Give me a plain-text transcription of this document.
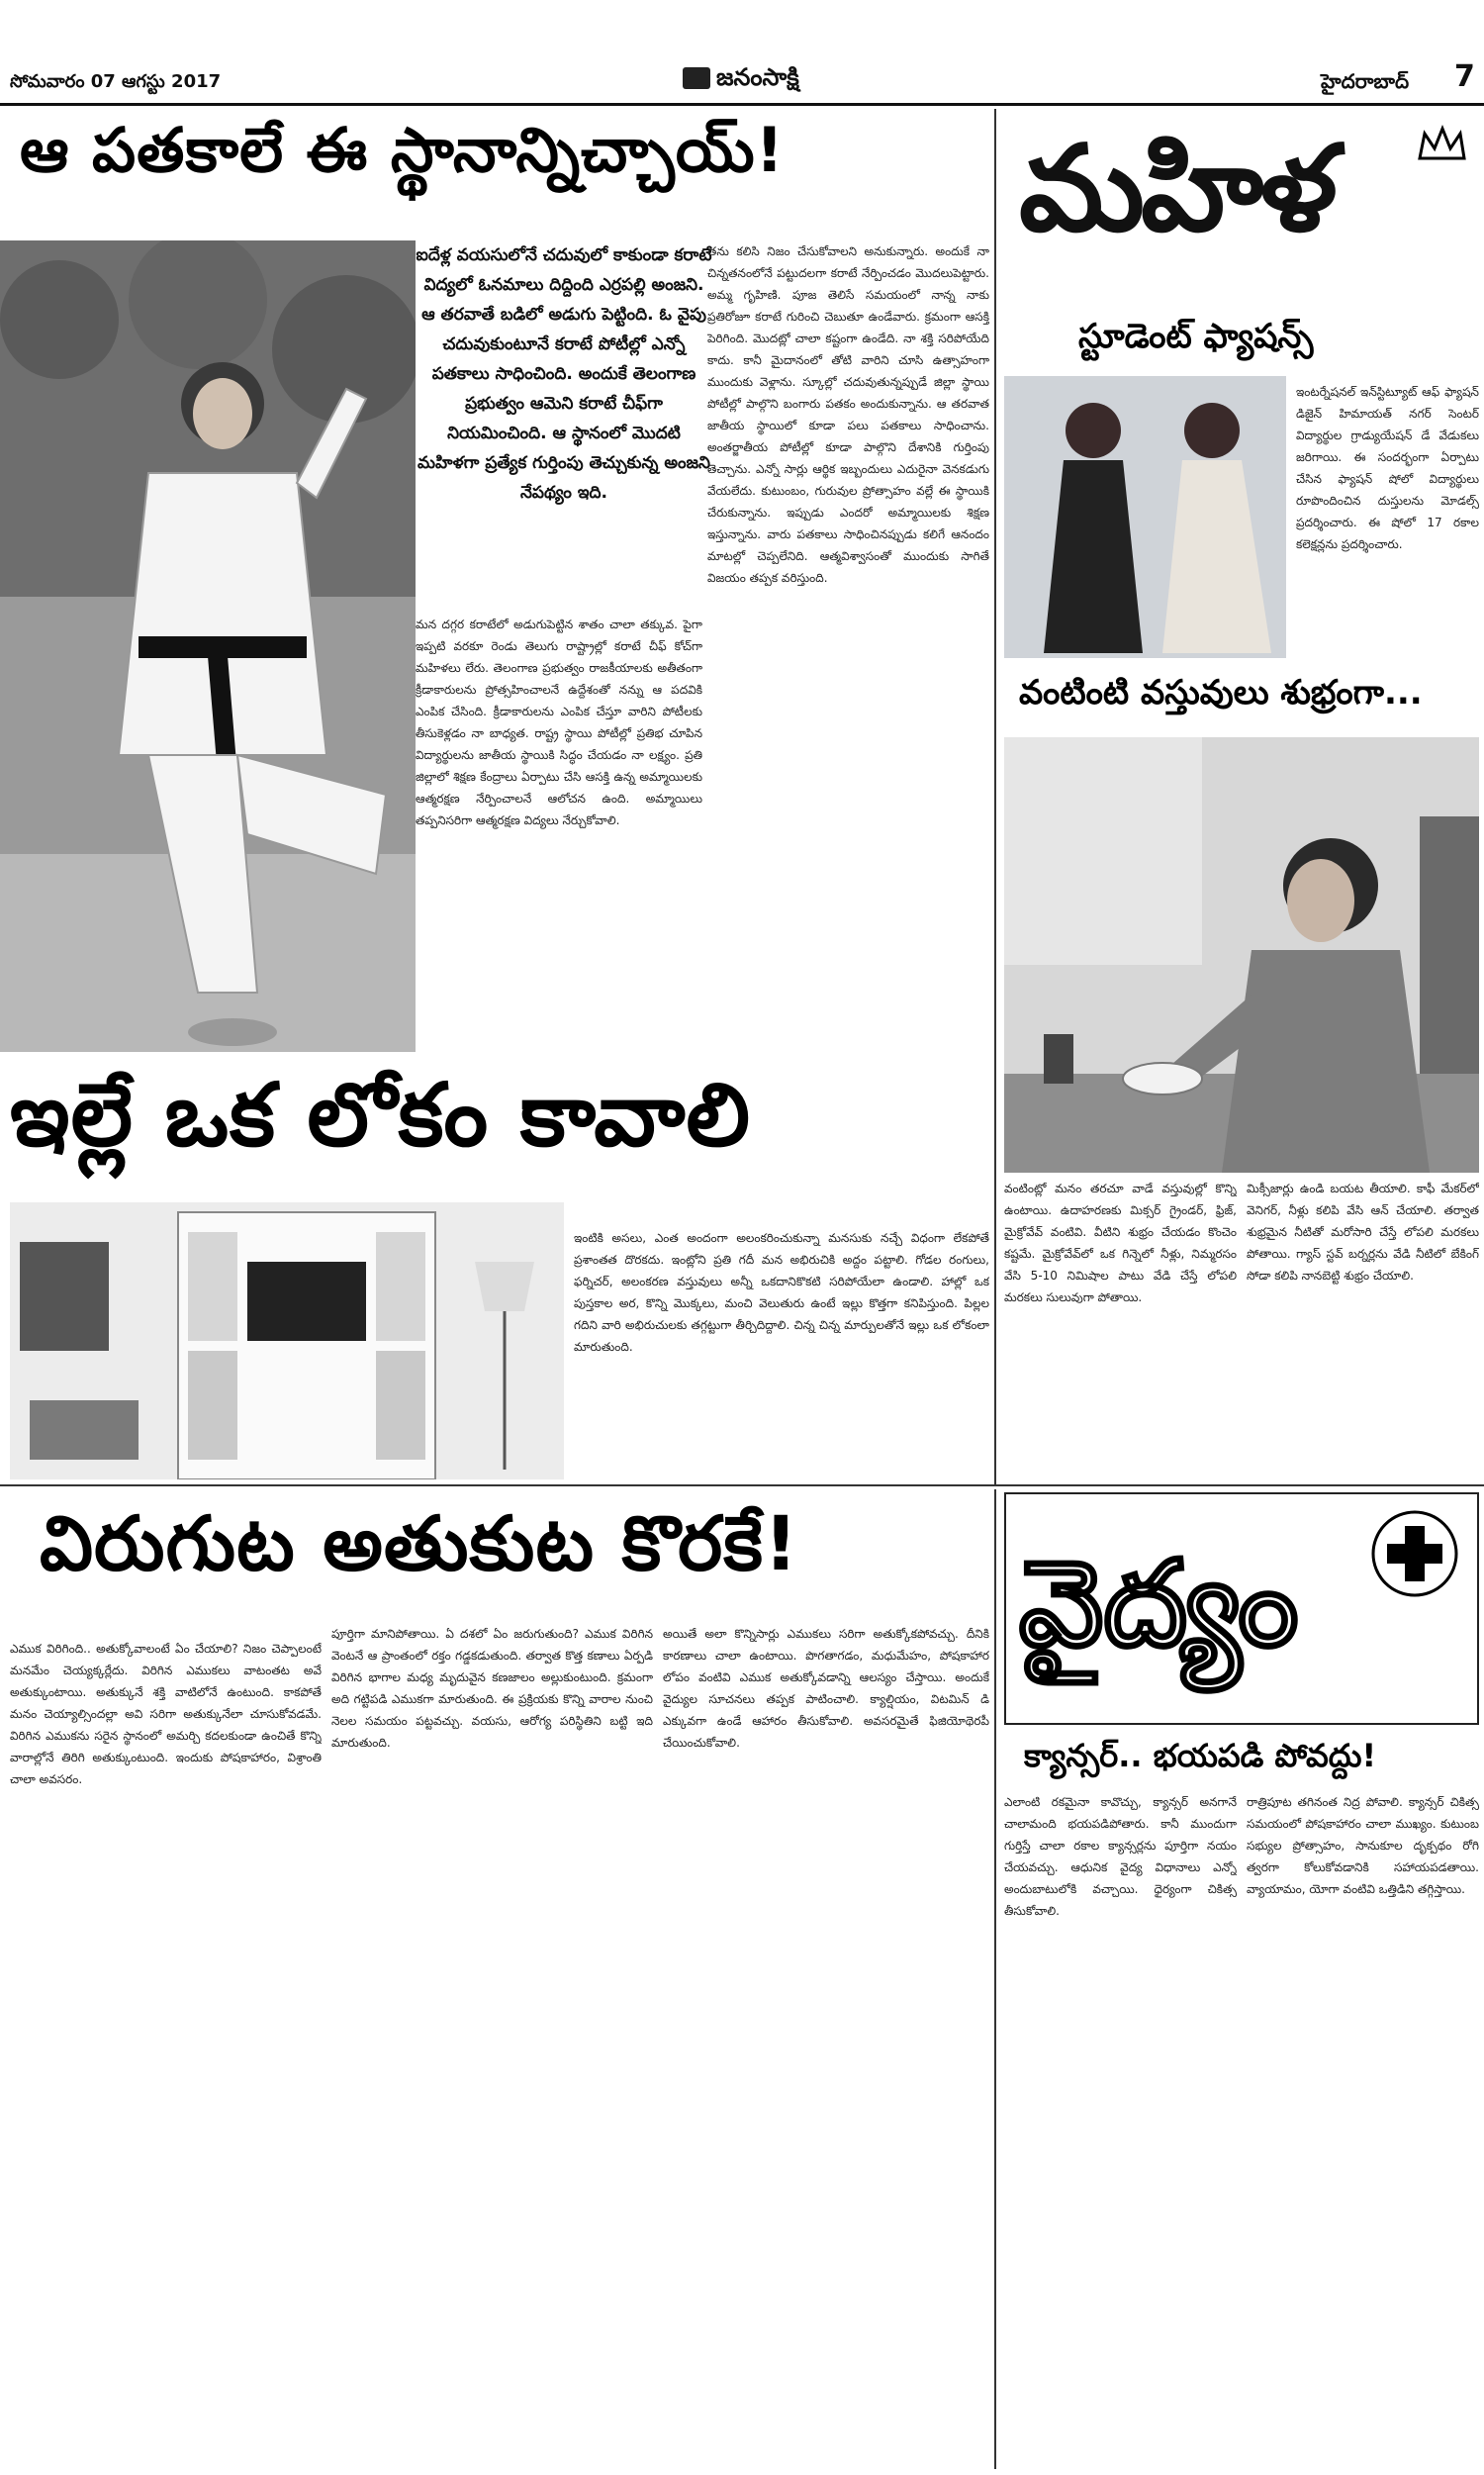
సోమవారం 07 ఆగస్టు 2017	జనంసాక్షి	హైదరాబాద్ 7
ఆ పతకాలే ఈ స్థానాన్నిచ్చాయ్‌!
ఐదేళ్ల వయసులోనే చదువులో కాకుండా కరాటే విద్యలో ఓనమాలు దిద్దింది ఎర్రపల్లి అంజని. ఆ తరవాతే బడిలో అడుగు పెట్టింది. ఓ వైపు చదువుకుంటూనే కరాటే పోటీల్లో ఎన్నో పతకాలు సాధించింది. అందుకే తెలంగాణ ప్రభుత్వం ఆమెని కరాటే చీఫ్‌గా నియమించింది. ఆ స్థానంలో మొదటి మహిళగా ప్రత్యేక గుర్తింపు తెచ్చుకున్న అంజని నేపథ్యం ఇది.

మన దగ్గర కరాటేలో అడుగుపెట్టిన శాతం చాలా తక్కువ. పైగా ఇప్పటి వరకూ రెండు తెలుగు రాష్ట్రాల్లో కరాటే చీఫ్‌ కోచ్‌గా మహిళలు లేరు. తెలంగాణ ప్రభుత్వం రాజకీయాలకు అతీతంగా క్రీడాకారులను ప్రోత్సహించాలనే ఉద్దేశంతో నన్ను ఆ పదవికి ఎంపిక చేసింది. క్రీడాకారులను ఎంపిక చేస్తూ వారిని పోటీలకు తీసుకెళ్లడం నా బాధ్యత. రాష్ట్ర స్థాయి పోటీల్లో ప్రతిభ చూపిన విద్యార్థులను జాతీయ స్థాయికి సిద్ధం చేయడం నా లక్ష్యం. ప్రతి జిల్లాలో శిక్షణ కేంద్రాలు ఏర్పాటు చేసి ఆసక్తి ఉన్న అమ్మాయిలకు ఆత్మరక్షణ నేర్పించాలనే ఆలోచన ఉంది. అమ్మాయిలు తప్పనిసరిగా ఆత్మరక్షణ విద్యలు నేర్చుకోవాలి.

తను కలిసి నిజం చేసుకోవాలని అనుకున్నారు. అందుకే నా చిన్నతనంలోనే పట్టుదలగా కరాటే నేర్పించడం మొదలుపెట్టారు. అమ్మ గృహిణి. పూజ తెలిసే సమయంలో నాన్న నాకు ప్రతిరోజూ కరాటే గురించి చెబుతూ ఉండేవారు. క్రమంగా ఆసక్తి పెరిగింది. మొదట్లో చాలా కష్టంగా ఉండేది. నా శక్తి సరిపోయేది కాదు. కానీ మైదానంలో తోటి వారిని చూసి ఉత్సాహంగా ముందుకు వెళ్లాను. స్కూల్లో చదువుతున్నప్పుడే జిల్లా స్థాయి పోటీల్లో పాల్గొని బంగారు పతకం అందుకున్నాను. ఆ తరవాత జాతీయ స్థాయిలో కూడా పలు పతకాలు సాధించాను. అంతర్జాతీయ పోటీల్లో కూడా పాల్గొని దేశానికి గుర్తింపు తెచ్చాను. ఎన్నో సార్లు ఆర్థిక ఇబ్బందులు ఎదురైనా వెనకడుగు వేయలేదు. కుటుంబం, గురువుల ప్రోత్సాహం వల్లే ఈ స్థాయికి చేరుకున్నాను. ఇప్పుడు ఎందరో అమ్మాయిలకు శిక్షణ ఇస్తున్నాను. వారు పతకాలు సాధించినప్పుడు కలిగే ఆనందం మాటల్లో చెప్పలేనిది. ఆత్మవిశ్వాసంతో ముందుకు సాగితే విజయం తప్పక వరిస్తుంది.

ఇల్లే ఒక లోకం కావాలి

ఇంటికి అసలు, ఎంత అందంగా అలంకరించుకున్నా మనసుకు నచ్చే విధంగా లేకపోతే ప్రశాంతత దొరకదు. ఇంట్లోని ప్రతి గదీ మన అభిరుచికి అద్దం పట్టాలి. గోడల రంగులు, ఫర్నిచర్‌, అలంకరణ వస్తువులు అన్నీ ఒకదానికొకటి సరిపోయేలా ఉండాలి. హాల్లో ఒక పుస్తకాల అర, కొన్ని మొక్కలు, మంచి వెలుతురు ఉంటే ఇల్లు కొత్తగా కనిపిస్తుంది. పిల్లల గదిని వారి అభిరుచులకు తగ్గట్టుగా తీర్చిదిద్దాలి. చిన్న చిన్న మార్పులతోనే ఇల్లు ఒక లోకంలా మారుతుంది.

విరుగుట అతుకుట కొరకే!

ఎముక విరిగింది.. అతుక్కోవాలంటే ఏం చేయాలి? నిజం చెప్పాలంటే మనమేం చెయ్యక్కర్లేదు. విరిగిన ఎముకలు వాటంతట అవే అతుక్కుంటాయి. అతుక్కునే శక్తి వాటిలోనే ఉంటుంది. కాకపోతే మనం చెయ్యాల్సిందల్లా అవి సరిగా అతుక్కునేలా చూసుకోవడమే. విరిగిన ఎముకను సరైన స్థానంలో అమర్చి కదలకుండా ఉంచితే కొన్ని వారాల్లోనే తిరిగి అతుక్కుంటుంది. ఇందుకు పోషకాహారం, విశ్రాంతి చాలా అవసరం.

పూర్తిగా మానిపోతాయి. ఏ దశలో ఏం జరుగుతుంది? ఎముక విరిగిన వెంటనే ఆ ప్రాంతంలో రక్తం గడ్డకడుతుంది. తర్వాత కొత్త కణాలు ఏర్పడి విరిగిన భాగాల మధ్య మృదువైన కణజాలం అల్లుకుంటుంది. క్రమంగా అది గట్టిపడి ఎముకగా మారుతుంది. ఈ ప్రక్రియకు కొన్ని వారాల నుంచి నెలల సమయం పట్టవచ్చు. వయసు, ఆరోగ్య పరిస్థితిని బట్టి ఇది మారుతుంది.

అయితే అలా కొన్నిసార్లు ఎముకలు సరిగా అతుక్కోకపోవచ్చు. దీనికి కారణాలు చాలా ఉంటాయి. పొగతాగడం, మధుమేహం, పోషకాహార లోపం వంటివి ఎముక అతుక్కోవడాన్ని ఆలస్యం చేస్తాయి. అందుకే వైద్యుల సూచనలు తప్పక పాటించాలి. క్యాల్షియం, విటమిన్‌ డి ఎక్కువగా ఉండే ఆహారం తీసుకోవాలి. అవసరమైతే ఫిజియోథెరపీ చేయించుకోవాలి.

మహిళ
స్టూడెంట్‌ ఫ్యాషన్స్‌

ఇంటర్నేషనల్‌ ఇన్‌స్టిట్యూట్‌ ఆఫ్‌ ఫ్యాషన్‌ డిజైన్‌ హిమాయత్‌ నగర్‌ సెంటర్‌ విద్యార్థుల గ్రాడ్యుయేషన్‌ డే వేడుకలు జరిగాయి. ఈ సందర్భంగా ఏర్పాటు చేసిన ఫ్యాషన్‌ షోలో విద్యార్థులు రూపొందించిన దుస్తులను మోడల్స్‌ ప్రదర్శించారు. ఈ షోలో 17 రకాల కలెక్షన్లను ప్రదర్శించారు.

వంటింటి వస్తువులు శుభ్రంగా...

వంటింట్లో మనం తరచూ వాడే వస్తువుల్లో కొన్ని ఉంటాయి. ఉదాహరణకు మిక్సర్‌ గ్రైండర్‌, ఫ్రిజ్‌, మైక్రోవేవ్‌ వంటివి. వీటిని శుభ్రం చేయడం కొంచెం కష్టమే. మైక్రోవేవ్‌లో ఒక గిన్నెలో నీళ్లు, నిమ్మరసం వేసి 5-10 నిమిషాల పాటు వేడి చేస్తే లోపలి మరకలు సులువుగా పోతాయి.

మిక్సీజార్లు ఉండి బయట తీయాలి. కాఫీ మేకర్‌లో వెనిగర్‌, నీళ్లు కలిపి వేసి ఆన్‌ చేయాలి. తర్వాత శుభ్రమైన నీటితో మరోసారి చేస్తే లోపలి మరకలు పోతాయి. గ్యాస్‌ స్టవ్‌ బర్నర్లను వేడి నీటిలో బేకింగ్‌ సోడా కలిపి నానబెట్టి శుభ్రం చేయాలి.

వైద్యం
క్యాన్సర్‌.. భయపడి పోవద్దు!

ఎలాంటి రకమైనా కావొచ్చు, క్యాన్సర్‌ అనగానే చాలామంది భయపడిపోతారు. కానీ ముందుగా గుర్తిస్తే చాలా రకాల క్యాన్సర్లను పూర్తిగా నయం చేయవచ్చు. ఆధునిక వైద్య విధానాలు ఎన్నో అందుబాటులోకి వచ్చాయి. ధైర్యంగా చికిత్స తీసుకోవాలి.

రాత్రిపూట తగినంత నిద్ర పోవాలి. క్యాన్సర్‌ చికిత్స సమయంలో పోషకాహారం చాలా ముఖ్యం. కుటుంబ సభ్యుల ప్రోత్సాహం, సానుకూల దృక్పథం రోగి త్వరగా కోలుకోవడానికి సహాయపడతాయి. వ్యాయామం, యోగా వంటివి ఒత్తిడిని తగ్గిస్తాయి.
